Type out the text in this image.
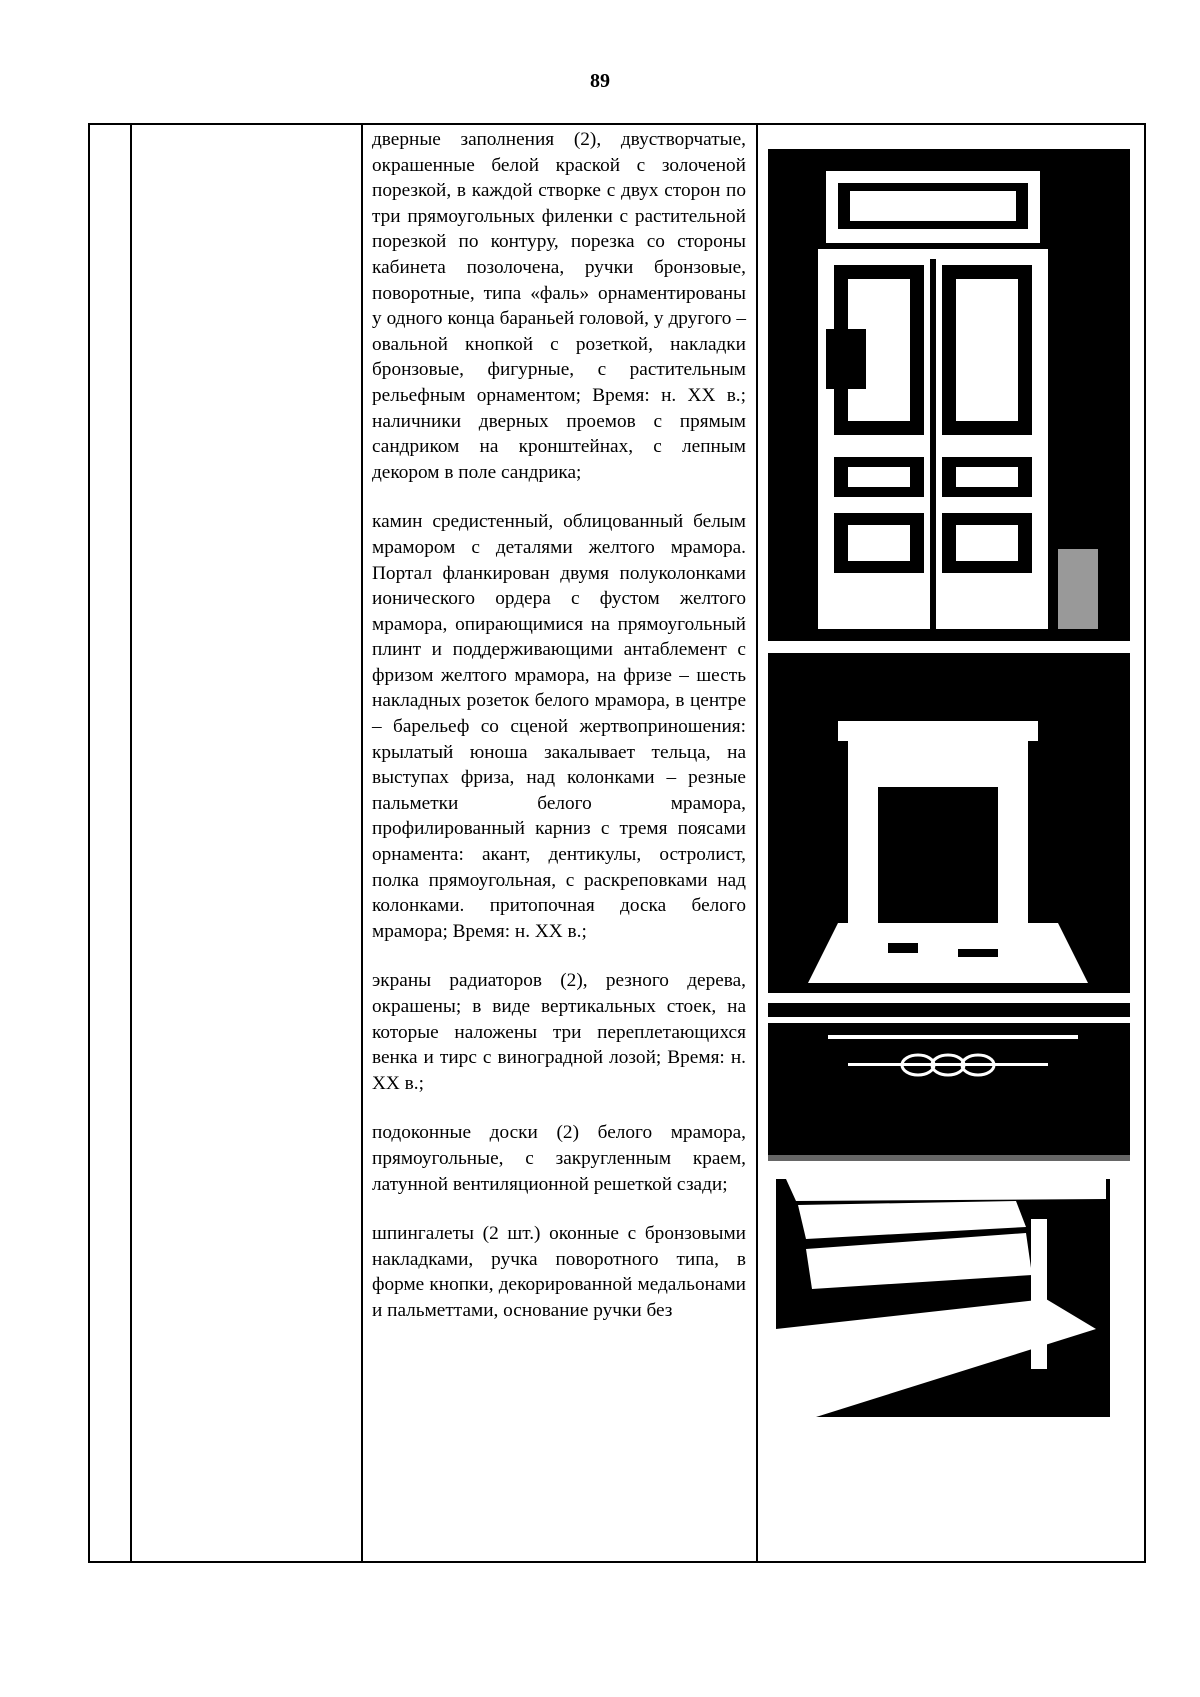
89

дверные заполнения (2), двустворчатые, окрашенные белой краской с золоченой порезкой, в каждой створке с двух сторон по три прямоугольных филенки с растительной порезкой по контуру, порезка со стороны кабинета позолочена, ручки бронзовые, поворотные, типа «фаль» орнаментированы у одного конца бараньей головой, у другого – овальной кнопкой с розеткой, накладки бронзовые, фигурные, с растительным рельефным орнаментом; Время: н. XX в.; наличники дверных проемов с прямым сандриком на кронштейнах, с лепным декором в поле сандрика;

камин средистенный, облицованный белым мрамором с деталями желтого мрамора. Портал фланкирован двумя полуколонками ионического ордера с фустом желтого мрамора, опирающимися на прямоугольный плинт и поддерживающими антаблемент с фризом желтого мрамора, на фризе – шесть накладных розеток белого мрамора, в центре – барельеф со сценой жертвоприношения: крылатый юноша закалывает тельца, на выступах фриза, над колонками – резные пальметки белого мрамора, профилированный карниз с тремя поясами орнамента: акант, дентикулы, остролист, полка прямоугольная, с раскреповками над колонками. притопочная доска белого мрамора; Время: н. XX в.;

экраны радиаторов (2), резного дерева, окрашены; в виде вертикальных стоек, на которые наложены три переплетающихся венка и тирс с виноградной лозой; Время: н. XX в.;

подоконные доски (2) белого мрамора, прямоугольные, с закругленным краем, латунной вентиляционной решеткой сзади;

шпингалеты (2 шт.) оконные с бронзовыми накладками, ручка поворотного типа, в форме кнопки, декорированной медальонами и пальметтами, основание ручки без
